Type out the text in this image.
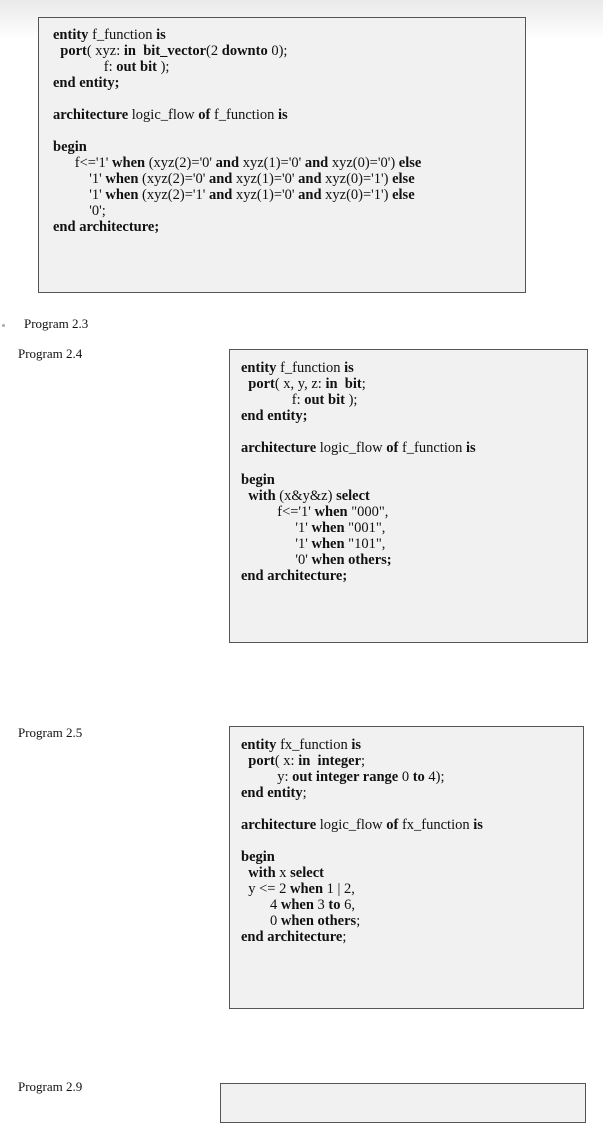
entity f_function is
port( xyz: in  bit_vector(2 downto 0);
f: out bit );
end entity;
architecture logic_flow of f_function is
begin
f<='1' when (xyz(2)='0' and xyz(1)='0' and xyz(0)='0') else
'1' when (xyz(2)='0' and xyz(1)='0' and xyz(0)='1') else
'1' when (xyz(2)='1' and xyz(1)='0' and xyz(0)='1') else
'0';
end architecture;
Program 2.3
Program 2.4
entity f_function is
port( x, y, z: in  bit;
f: out bit );
end entity;
architecture logic_flow of f_function is
begin
with (x&y&z) select
f<='1' when "000",
'1' when "001",
'1' when "101",
'0' when others;
end architecture;
Program 2.5
entity fx_function is
port( x: in  integer;
y: out integer range 0 to 4);
end entity;
architecture logic_flow of fx_function is
begin
with x select
y <= 2 when 1 | 2,
4 when 3 to 6,
0 when others;
end architecture;
Program 2.9
